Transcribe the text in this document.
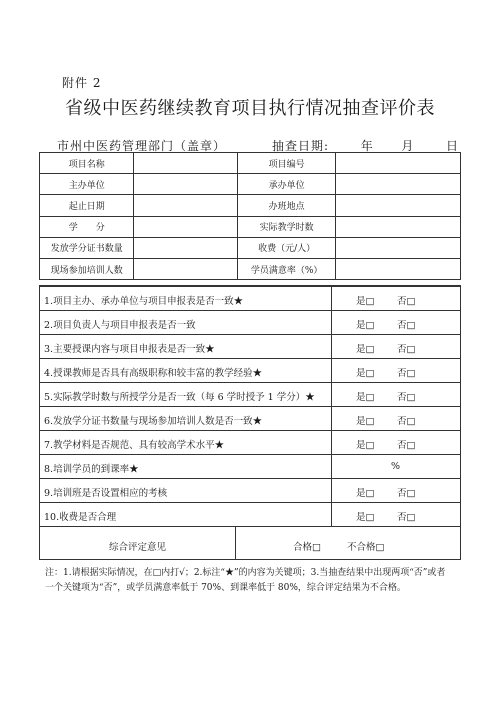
附件 2
省级中医药继续教育项目执行情况抽查评价表
市州中医药管理部门（盖章）	抽查日期:	年 月	日
项目名称		项目编号	
主办单位		承办单位	
起止日期		办班地点	
学　　分		实际教学时数	
发放学分证书数量		收费（元/人）	
现场参加培训人数		学员满意率（%）	
1.项目主办、承办单位与项目申报表是否一致★	是□ 否□
2.项目负责人与项目申报表是否一致	是□ 否□
3.主要授课内容与项目申报表是否一致★	是□ 否□
4.授课教师是否具有高级职称和较丰富的教学经验★	是□ 否□
5.实际教学时数与所授学分是否一致（每 6 学时授予 1 学分）★	是□ 否□
6.发放学分证书数量与现场参加培训人数是否一致★	是□ 否□
7.教学材料是否规范、具有较高学术水平★	是□ 否□
8.培训学员的到课率★	%
9.培训班是否设置相应的考核	是□ 否□
10.收费是否合理	是□ 否□
综合评定意见	合格□	不合格□
注：1.请根据实际情况，在□内打√；2.标注“★”的内容为关键项；3.当抽查结果中出现两项“否”或者一个关键项为“否”，或学员满意率低于 70%、到课率低于 80%，综合评定结果为不合格。
